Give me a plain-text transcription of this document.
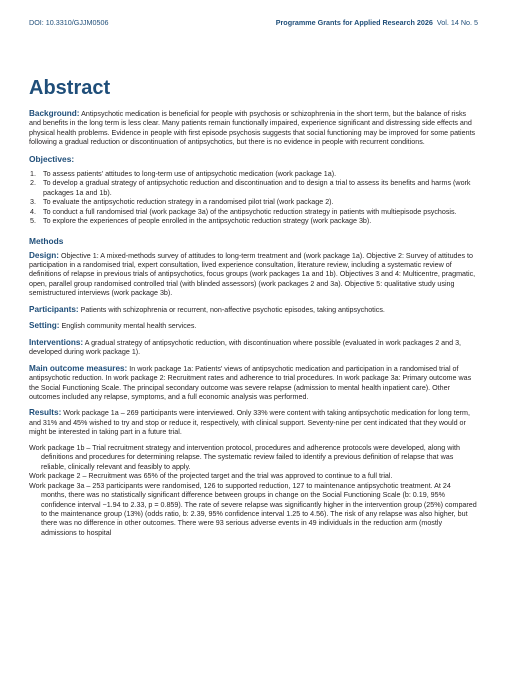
DOI: 10.3310/GJJM0506	Programme Grants for Applied Research 2026 Vol. 14 No. 5
Abstract

Background: Antipsychotic medication is beneficial for people with psychosis or schizophrenia in the short term, but the balance of risks and benefits in the long term is less clear. Many patients remain functionally impaired, experience significant and distressing side effects and physical health problems. Evidence in people with first episode psychosis suggests that social functioning may be improved for some patients following a gradual reduction or discontinuation of antipsychotics, but there is no evidence in people with recurrent conditions.

Objectives:

1. To assess patients' attitudes to long-term use of antipsychotic medication (work package 1a).
2. To develop a gradual strategy of antipsychotic reduction and discontinuation and to design a trial to assess its benefits and harms (work packages 1a and 1b).
3. To evaluate the antipsychotic reduction strategy in a randomised pilot trial (work package 2).
4. To conduct a full randomised trial (work package 3a) of the antipsychotic reduction strategy in patients with multiepisode psychosis.
5. To explore the experiences of people enrolled in the antipsychotic reduction strategy (work package 3b).

Methods

Design: Objective 1: A mixed-methods survey of attitudes to long-term treatment and (work package 1a). Objective 2: Survey of attitudes to participation in a randomised trial, expert consultation, lived experience consultation, literature review, including a systematic review of definitions of relapse in previous trials of antipsychotics, focus groups (work packages 1a and 1b). Objectives 3 and 4: Multicentre, pragmatic, open, parallel group randomised controlled trial (with blinded assessors) (work packages 2 and 3a). Objective 5: qualitative study using semistructured interviews (work package 3b).

Participants: Patients with schizophrenia or recurrent, non-affective psychotic episodes, taking antipsychotics.

Setting: English community mental health services.

Interventions: A gradual strategy of antipsychotic reduction, with discontinuation where possible (evaluated in work packages 2 and 3, developed during work package 1).

Main outcome measures: In work package 1a: Patients' views of antipsychotic medication and participation in a randomised trial of antipsychotic reduction. In work package 2: Recruitment rates and adherence to trial procedures. In work package 3a: Primary outcome was the Social Functioning Scale. The principal secondary outcome was severe relapse (admission to mental health inpatient care). Other outcomes included any relapse, symptoms, and a full economic analysis was performed.

Results: Work package 1a – 269 participants were interviewed. Only 33% were content with taking antipsychotic medication for long term, and 31% and 45% wished to try and stop or reduce it, respectively, with clinical support. Seventy-nine per cent indicated that they would or might be interested in taking part in a future trial.

Work package 1b – Trial recruitment strategy and intervention protocol, procedures and adherence protocols were developed, along with definitions and procedures for determining relapse. The systematic review failed to identify a previous definition of relapse that was reliable, clinically relevant and feasibly to apply.

Work package 2 – Recruitment was 65% of the projected target and the trial was approved to continue to a full trial.

Work package 3a – 253 participants were randomised, 126 to supported reduction, 127 to maintenance antipsychotic treatment. At 24 months, there was no statistically significant difference between groups in change on the Social Functioning Scale (b: 0.19, 95% confidence interval −1.94 to 2.33, p = 0.859). The rate of severe relapse was significantly higher in the intervention group (25%) compared to the maintenance group (13%) (odds ratio, b: 2.39, 95% confidence interval 1.25 to 4.56). The risk of any relapse was also higher, but there was no difference in other outcomes. There were 93 serious adverse events in 49 individuals in the reduction arm (mostly admissions to hospital
